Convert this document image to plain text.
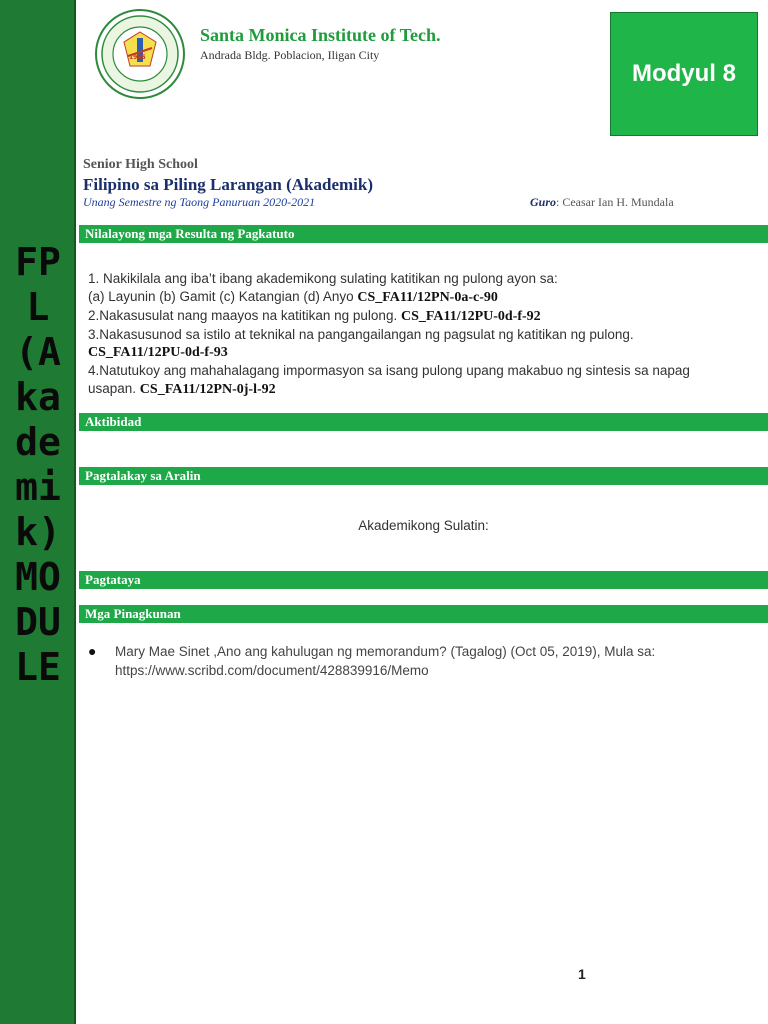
FPL(Akademik)MODULE
1985
Santa Monica Institute of Tech.
Andrada Bldg. Poblacion, Iligan City
Modyul 8
Senior High School
Filipino sa Piling Larangan (Akademik)
Unang Semestre ng Taong Panuruan 2020-2021	Guro: Ceasar Ian H. Mundala
Nilalayong mga Resulta ng Pagkatuto
1. Nakikilala ang iba’t ibang akademikong sulating katitikan ng pulong ayon sa:
(a) Layunin (b) Gamit (c) Katangian (d) Anyo CS_FA11/12PN-0a-c-90
2.Nakasusulat nang maayos na katitikan ng pulong. CS_FA11/12PU-0d-f-92
3.Nakasusunod sa istilo at teknikal na pangangailangan ng pagsulat ng katitikan ng pulong.
CS_FA11/12PU-0d-f-93
4.Natutukoy ang mahahalagang impormasyon sa isang pulong upang makabuo ng sintesis sa napag usapan. CS_FA11/12PN-0j-l-92
Aktibidad
Pagtalakay sa Aralin
Akademikong Sulatin:
Pagtataya
Mga Pinagkunan
● Mary Mae Sinet ,Ano ang kahulugan ng memorandum? (Tagalog) (Oct 05, 2019), Mula sa:
https://www.scribd.com/document/428839916/Memo
1
